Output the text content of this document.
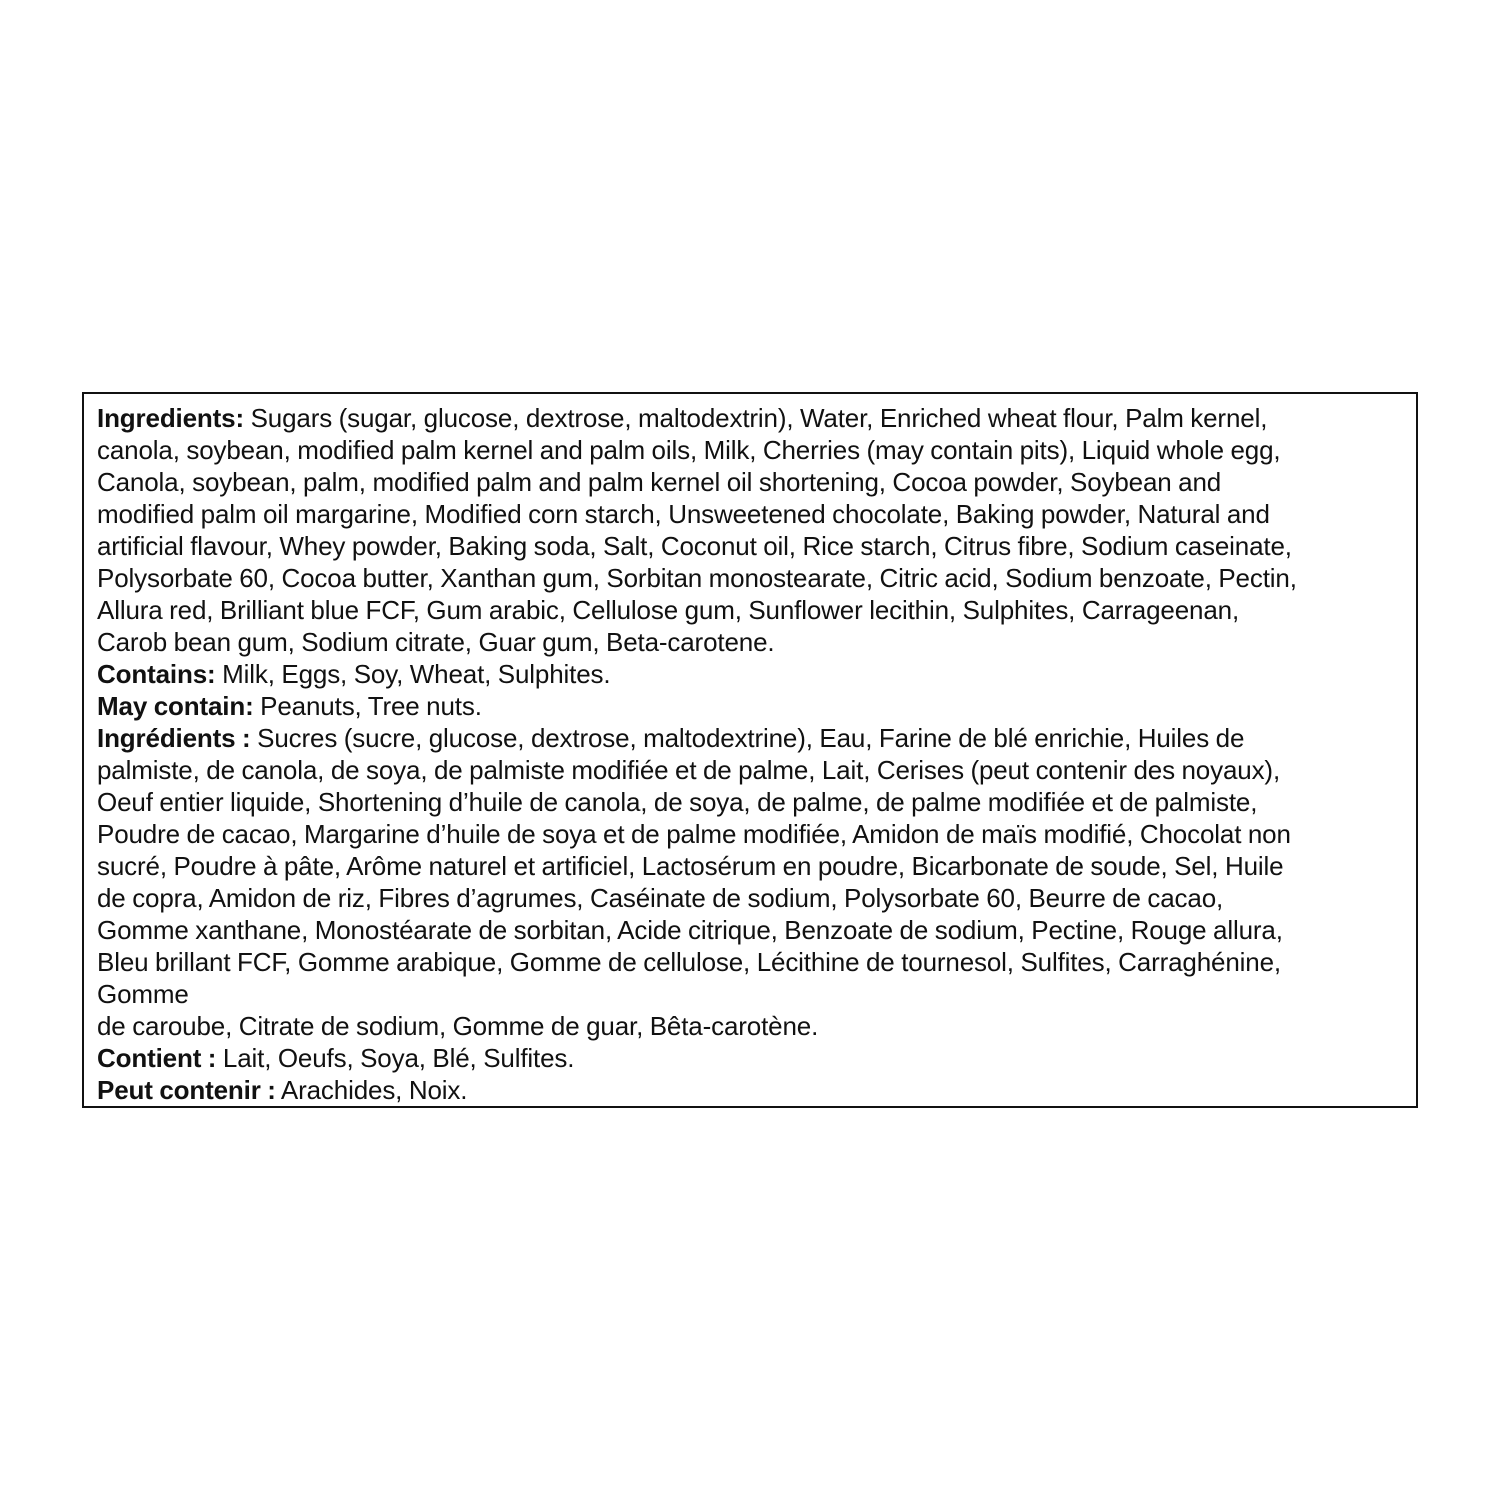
Ingredients: Sugars (sugar, glucose, dextrose, maltodextrin), Water, Enriched wheat flour, Palm kernel,
canola, soybean, modified palm kernel and palm oils, Milk, Cherries (may contain pits), Liquid whole egg,
Canola, soybean, palm, modified palm and palm kernel oil shortening, Cocoa powder, Soybean and
modified palm oil margarine, Modified corn starch, Unsweetened chocolate, Baking powder, Natural and
artificial flavour, Whey powder, Baking soda, Salt, Coconut oil, Rice starch, Citrus fibre, Sodium caseinate,
Polysorbate 60, Cocoa butter, Xanthan gum, Sorbitan monostearate, Citric acid, Sodium benzoate, Pectin,
Allura red, Brilliant blue FCF, Gum arabic, Cellulose gum, Sunflower lecithin, Sulphites, Carrageenan,
Carob bean gum, Sodium citrate, Guar gum, Beta-carotene.
Contains: Milk, Eggs, Soy, Wheat, Sulphites.
May contain: Peanuts, Tree nuts.
Ingrédients : Sucres (sucre, glucose, dextrose, maltodextrine), Eau, Farine de blé enrichie, Huiles de
palmiste, de canola, de soya, de palmiste modifiée et de palme, Lait, Cerises (peut contenir des noyaux),
Oeuf entier liquide, Shortening d’huile de canola, de soya, de palme, de palme modifiée et de palmiste,
Poudre de cacao, Margarine d’huile de soya et de palme modifiée, Amidon de maïs modifié, Chocolat non
sucré, Poudre à pâte, Arôme naturel et artificiel, Lactosérum en poudre, Bicarbonate de soude, Sel, Huile
de copra, Amidon de riz, Fibres d’agrumes, Caséinate de sodium, Polysorbate 60, Beurre de cacao,
Gomme xanthane, Monostéarate de sorbitan, Acide citrique, Benzoate de sodium, Pectine, Rouge allura,
Bleu brillant FCF, Gomme arabique, Gomme de cellulose, Lécithine de tournesol, Sulfites, Carraghénine,
Gomme
de caroube, Citrate de sodium, Gomme de guar, Bêta-carotène.
Contient : Lait, Oeufs, Soya, Blé, Sulfites.
Peut contenir : Arachides, Noix.
